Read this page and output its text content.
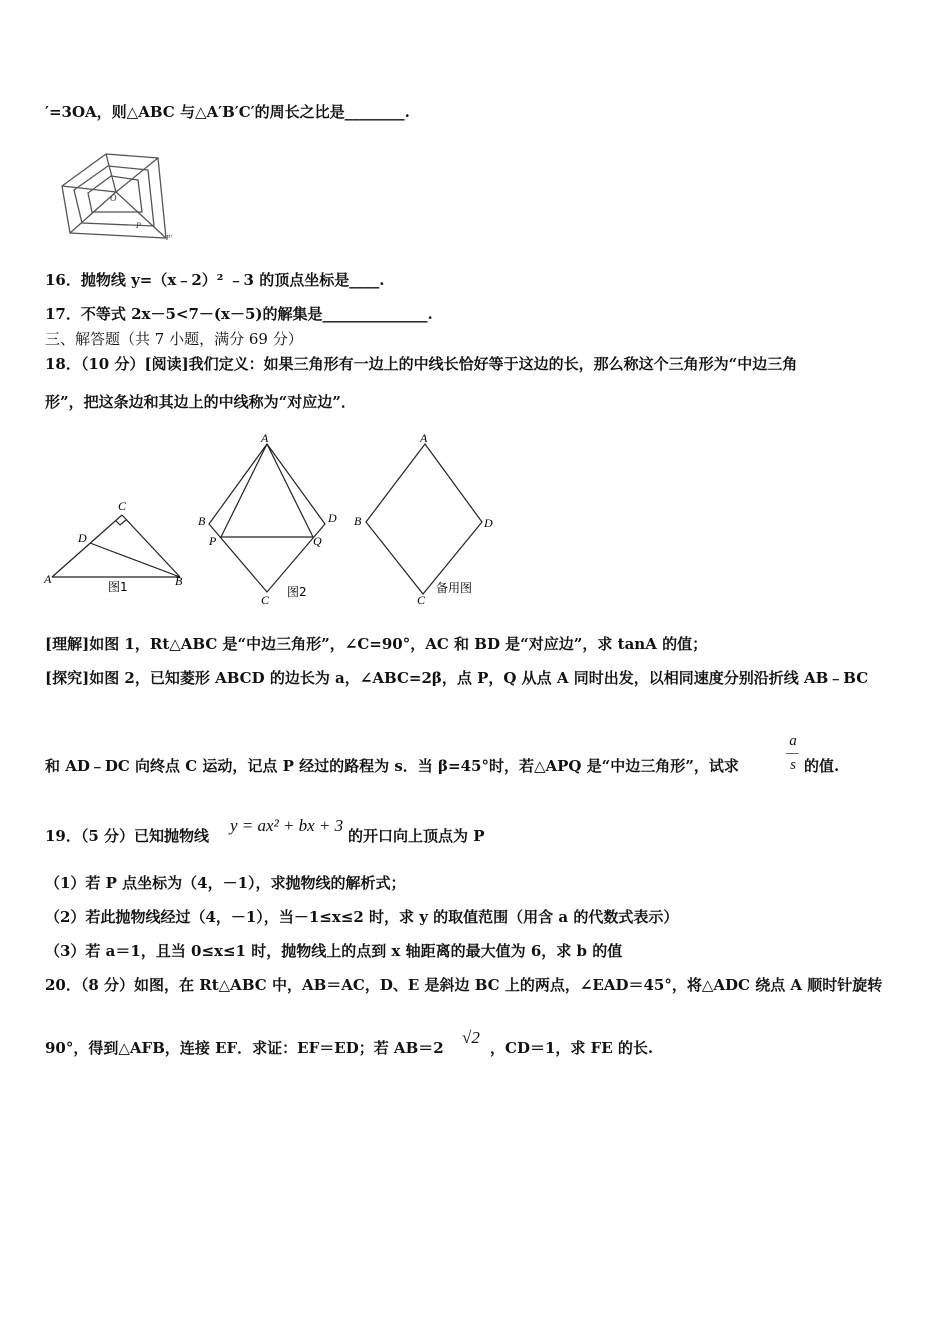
′=3OA，则△ABC 与△A′B′C′的周长之比是________.
O
P
P′
16．抛物线 y=（x﹣2）² ﹣3 的顶点坐标是____.
17．不等式 2x－5<7－(x－5)的解集是______________.
三、解答题（共 7 小题，满分 69 分）
18．（10 分）[阅读]我们定义：如果三角形有一边上的中线长恰好等于这边的长，那么称这个三角形为“中边三角
形”，把这条边和其边上的中线称为“对应边”．
C
D
A	B
图1
A
B	D
P	Q
C
图2
A
B	D
C
备用图
[理解]如图 1，Rt△ABC 是“中边三角形”，∠C=90°，AC 和 BD 是“对应边”，求 tanA 的值；
[探究]如图 2，已知菱形 ABCD 的边长为 a，∠ABC=2β，点 P，Q 从点 A 同时出发，以相同速度分别沿折线 AB﹣BC
和 AD﹣DC 向终点 C 运动，记点 P 经过的路程为 s．当 β=45°时，若△APQ 是“中边三角形”，试求
a
s 的值.
19．（5 分）已知抛物线
y = ax² + bx + 3
的开口向上顶点为 P
（1）若 P 点坐标为（4，－1），求抛物线的解析式；
（2）若此抛物线经过（4，－1），当－1≤x≤2 时，求 y 的取值范围（用含 a 的代数式表示）
（3）若 a＝1，且当 0≤x≤1 时，抛物线上的点到 x 轴距离的最大值为 6，求 b 的值
20．（8 分）如图，在 Rt△ABC 中，AB＝AC，D、E 是斜边 BC 上的两点，∠EAD＝45°，将△ADC 绕点 A 顺时针旋转
90°，得到△AFB，连接 EF．求证：EF＝ED；若 AB＝2
√2
，CD＝1，求 FE 的长.
